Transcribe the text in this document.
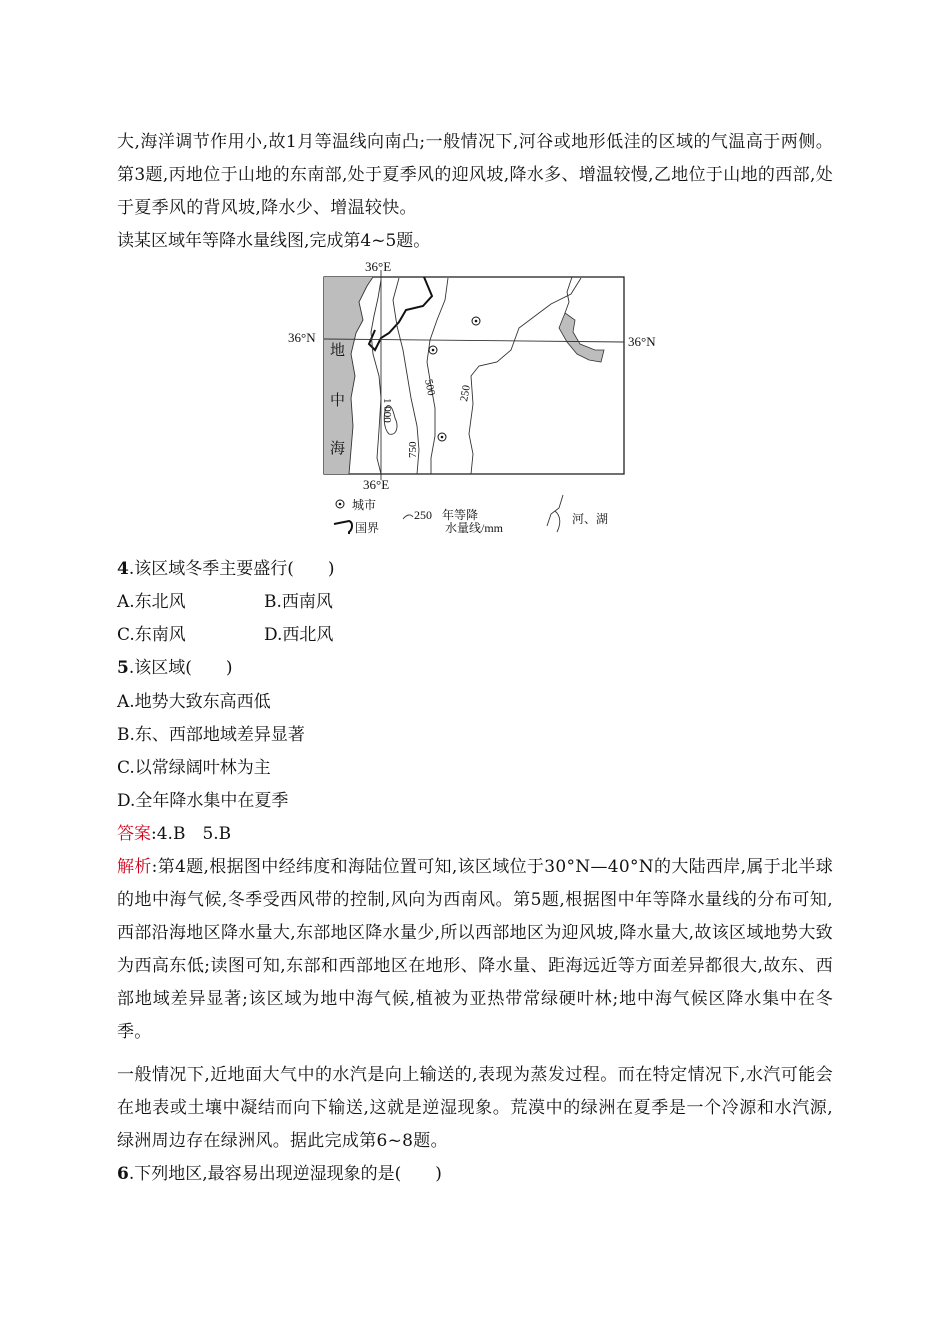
大,海洋调节作用小,故1月等温线向南凸;一般情况下,河谷或地形低洼的区域的气温高于两侧。第3题,丙地位于山地的东南部,处于夏季风的迎风坡,降水多、增温较慢,乙地位于山地的西部,处于夏季风的背风坡,降水少、增温较快。
读某区域年等降水量线图,完成第4~5题。
36°E
36°E
36°N	36°N
地
中
海
1 000
750
500 250
城市
国界
250 年等降
水量线/mm
河、湖
4.该区域冬季主要盛行(　　)
A.东北风	B.西南风
C.东南风	D.西北风
5.该区域(　　)
A.地势大致东高西低
B.东、西部地域差异显著
C.以常绿阔叶林为主
D.全年降水集中在夏季
答案:4.B　5.B
解析:第4题,根据图中经纬度和海陆位置可知,该区域位于30°N—40°N的大陆西岸,属于北半球的地中海气候,冬季受西风带的控制,风向为西南风。第5题,根据图中年等降水量线的分布可知,西部沿海地区降水量大,东部地区降水量少,所以西部地区为迎风坡,降水量大,故该区域地势大致为西高东低;读图可知,东部和西部地区在地形、降水量、距海远近等方面差异都很大,故东、西部地域差异显著;该区域为地中海气候,植被为亚热带常绿硬叶林;地中海气候区降水集中在冬季。
一般情况下,近地面大气中的水汽是向上输送的,表现为蒸发过程。而在特定情况下,水汽可能会在地表或土壤中凝结而向下输送,这就是逆湿现象。荒漠中的绿洲在夏季是一个冷源和水汽源,绿洲周边存在绿洲风。据此完成第6~8题。
6.下列地区,最容易出现逆湿现象的是(　　)
